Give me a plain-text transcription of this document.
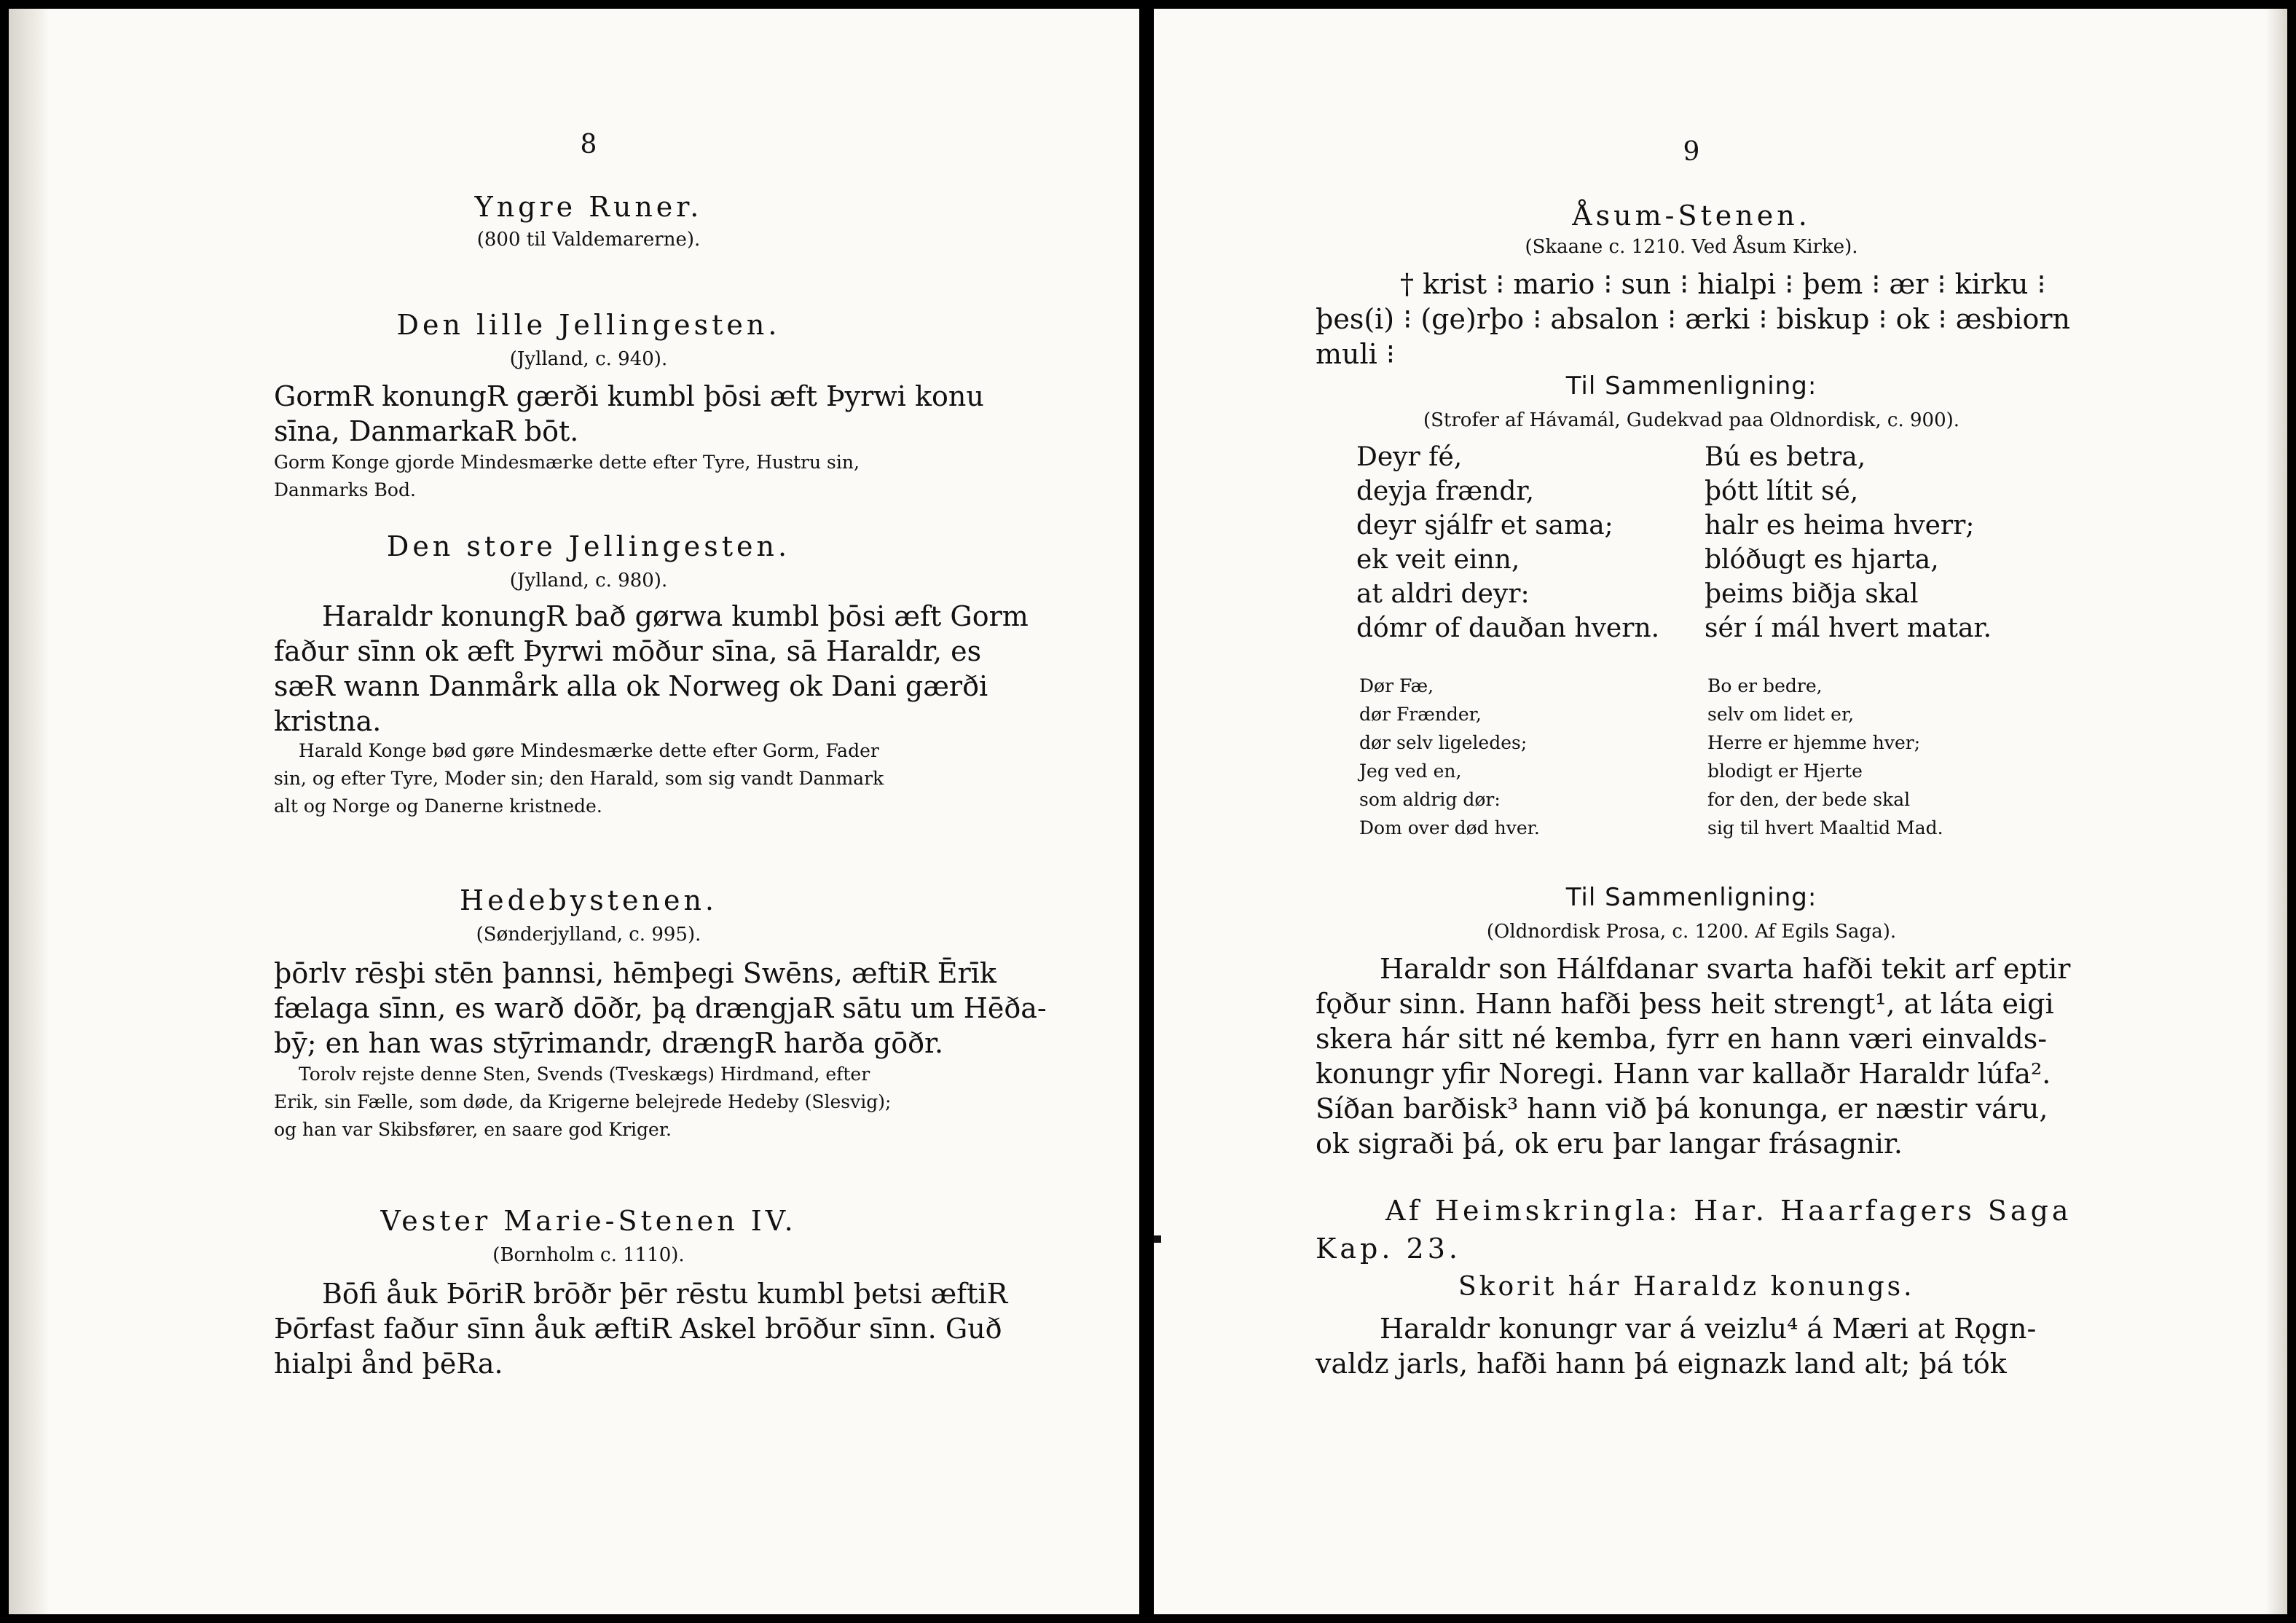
8
Yngre Runer.
(800 til Valdemarerne).
Den lille Jellingesten.
(Jylland, c. 940).
GormR konungR gærði kumbl þōsi æft Þyrwi konu
sīna, DanmarkaR bōt.
Gorm Konge gjorde Mindesmærke dette efter Tyre, Hustru sin,
Danmarks Bod.
Den store Jellingesten.
(Jylland, c. 980).
Haraldr konungR bað gørwa kumbl þōsi æft Gorm
faður sīnn ok æft Þyrwi mōður sīna, sā Haraldr, es
sæR wann Danmårk alla ok Norweg ok Dani gærði
kristna.
Harald Konge bød gøre Mindesmærke dette efter Gorm, Fader
sin, og efter Tyre, Moder sin; den Harald, som sig vandt Danmark
alt og Norge og Danerne kristnede.
Hedebystenen.
(Sønderjylland, c. 995).
þōrlv rēsþi stēn þannsi, hēmþegi Swēns, æftiR Ērīk
fælaga sīnn, es warð dōðr, þą drængjaR sātu um Hēða-
bȳ; en han was stȳrimandr, drængR harða gōðr.
Torolv rejste denne Sten, Svends (Tveskægs) Hirdmand, efter
Erik, sin Fælle, som døde, da Krigerne belejrede Hedeby (Slesvig);
og han var Skibsfører, en saare god Kriger.
Vester Marie-Stenen IV.
(Bornholm c. 1110).
Bōfi åuk ÞōriR brōðr þēr rēstu kumbl þetsi æftiR
Þōrfast faður sīnn åuk æftiR Askel brōður sīnn. Guð
hialpi ånd þēRa.
9
Åsum-Stenen.
(Skaane c. 1210. Ved Åsum Kirke).
† krist ⁝ mario ⁝ sun ⁝ hialpi ⁝ þem ⁝ ær ⁝ kirku ⁝
þes(i) ⁝ (ge)rþo ⁝ absalon ⁝ ærki ⁝ biskup ⁝ ok ⁝ æsbiorn
muli ⁝
Til Sammenligning:
(Strofer af Hávamál, Gudekvad paa Oldnordisk, c. 900).
Deyr fé,
deyja frændr,
deyr sjálfr et sama;
ek veit einn,
at aldri deyr:
dómr of dauðan hvern.
Bú es betra,
þótt lítit sé,
halr es heima hverr;
blóðugt es hjarta,
þeims biðja skal
sér í mál hvert matar.
Dør Fæ,
dør Frænder,
dør selv ligeledes;
Jeg ved en,
som aldrig dør:
Dom over død hver.
Bo er bedre,
selv om lidet er,
Herre er hjemme hver;
blodigt er Hjerte
for den, der bede skal
sig til hvert Maaltid Mad.
Til Sammenligning:
(Oldnordisk Prosa, c. 1200. Af Egils Saga).
Haraldr son Hálfdanar svarta hafði tekit arf eptir
fǫður sinn. Hann hafði þess heit strengt¹, at láta eigi
skera hár sitt né kemba, fyrr en hann væri einvalds-
konungr yfir Noregi. Hann var kallaðr Haraldr lúfa².
Síðan barðisk³ hann við þá konunga, er næstir váru,
ok sigraði þá, ok eru þar langar frásagnir.
Af Heimskringla: Har. Haarfagers Saga
Kap. 23.
Skorit hár Haraldz konungs.
Haraldr konungr var á veizlu⁴ á Mæri at Rǫgn-
valdz jarls, hafði hann þá eignazk land alt; þá tók
